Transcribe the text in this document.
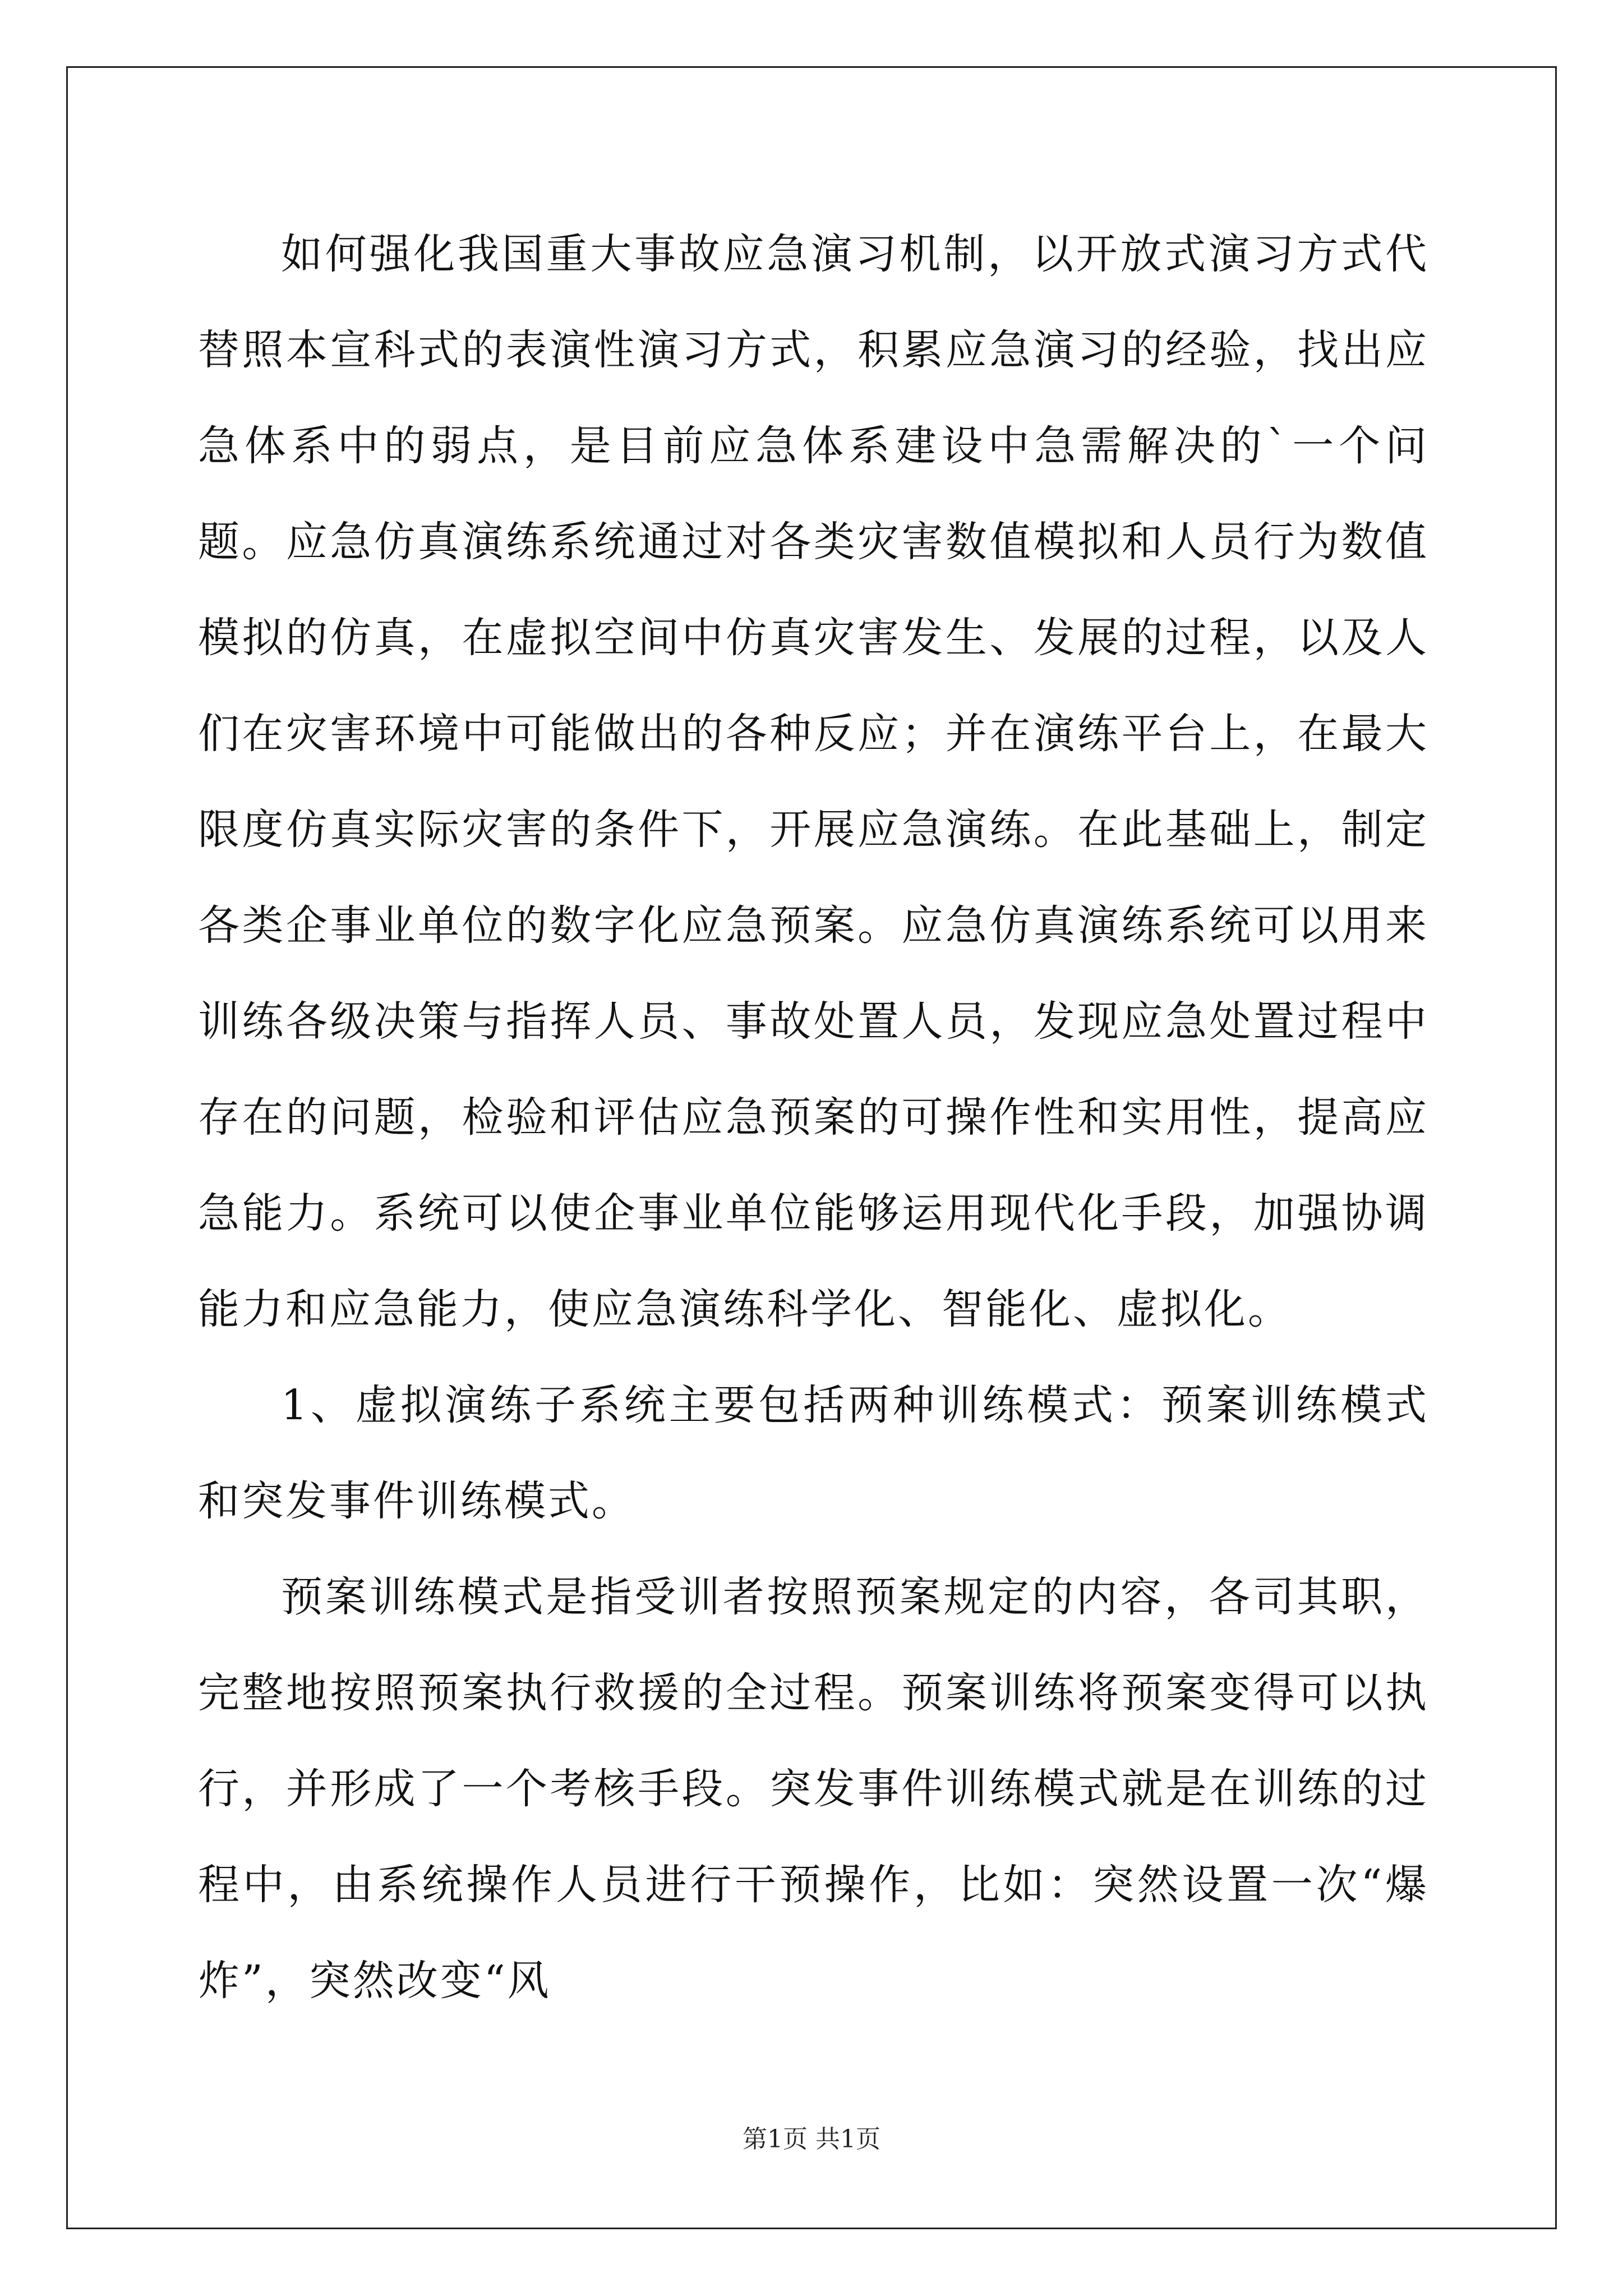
如何强化我国重大事故应急演习机制，以开放式演习方式代替照本宣科式的表演性演习方式，积累应急演习的经验，找出应急体系中的弱点，是目前应急体系建设中急需解决的`一个问题。应急仿真演练系统通过对各类灾害数值模拟和人员行为数值模拟的仿真，在虚拟空间中仿真灾害发生、发展的过程，以及人们在灾害环境中可能做出的各种反应；并在演练平台上，在最大限度仿真实际灾害的条件下，开展应急演练。在此基础上，制定各类企事业单位的数字化应急预案。应急仿真演练系统可以用来训练各级决策与指挥人员、事故处置人员，发现应急处置过程中存在的问题，检验和评估应急预案的可操作性和实用性，提高应急能力。系统可以使企事业单位能够运用现代化手段，加强协调能力和应急能力，使应急演练科学化、智能化、虚拟化。

1、虚拟演练子系统主要包括两种训练模式：预案训练模式和突发事件训练模式。

预案训练模式是指受训者按照预案规定的内容，各司其职，完整地按照预案执行救援的全过程。预案训练将预案变得可以执行，并形成了一个考核手段。突发事件训练模式就是在训练的过程中，由系统操作人员进行干预操作，比如：突然设置一次“爆炸”，突然改变“风

第1页 共1页
